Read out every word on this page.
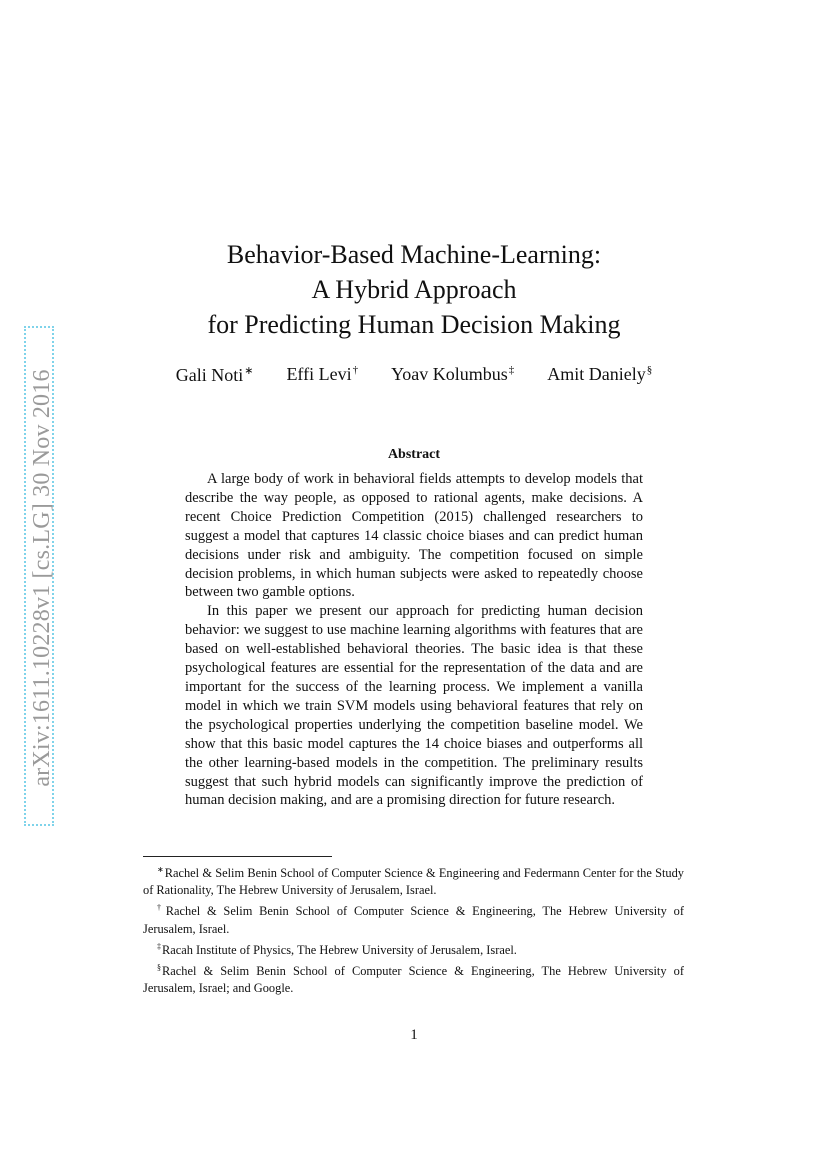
arXiv:1611.10228v1 [cs.LG] 30 Nov 2016
Behavior-Based Machine-Learning:
A Hybrid Approach
for Predicting Human Decision Making
Gali Noti∗ Effi Levi† Yoav Kolumbus‡ Amit Daniely§
Abstract

A large body of work in behavioral fields attempts to develop models that describe the way people, as opposed to rational agents, make decisions. A recent Choice Prediction Competition (2015) challenged researchers to suggest a model that captures 14 classic choice biases and can predict human decisions under risk and ambiguity. The competition focused on simple decision problems, in which human subjects were asked to repeatedly choose between two gamble options.

In this paper we present our approach for predicting human decision behavior: we suggest to use machine learning algorithms with features that are based on well-established behavioral theories. The basic idea is that these psychological features are essential for the representation of the data and are important for the success of the learning process. We implement a vanilla model in which we train SVM models using behavioral features that rely on the psychological properties underlying the competition baseline model. We show that this basic model captures the 14 choice biases and outperforms all the other learning-based models in the competition. The preliminary results suggest that such hybrid models can significantly improve the prediction of human decision making, and are a promising direction for future research.

∗Rachel & Selim Benin School of Computer Science & Engineering and Federmann Center for the Study of Rationality, The Hebrew University of Jerusalem, Israel.

†Rachel & Selim Benin School of Computer Science & Engineering, The Hebrew University of Jerusalem, Israel.

‡Racah Institute of Physics, The Hebrew University of Jerusalem, Israel.

§Rachel & Selim Benin School of Computer Science & Engineering, The Hebrew University of Jerusalem, Israel; and Google.

1
